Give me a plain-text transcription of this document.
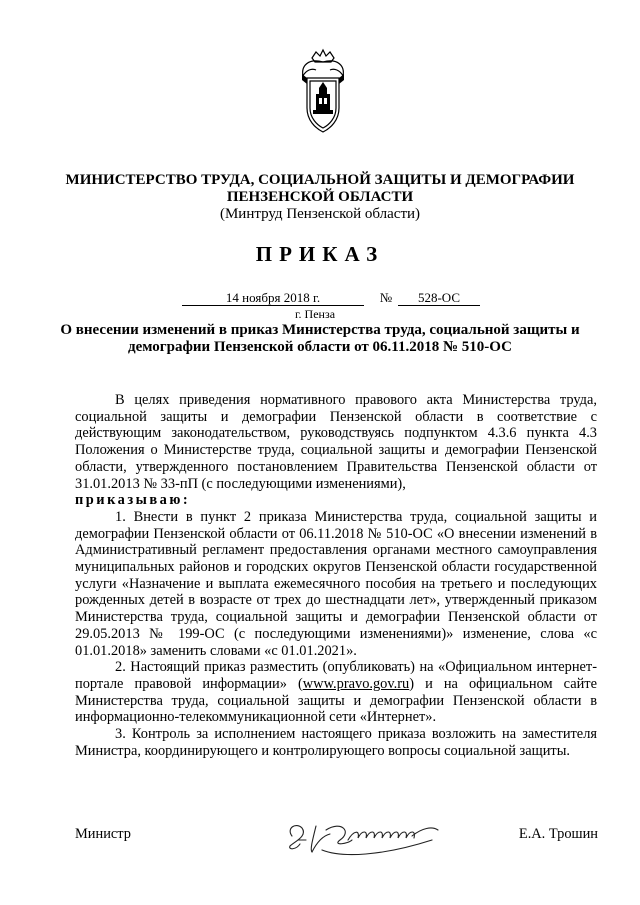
МИНИСТЕРСТВО ТРУДА, СОЦИАЛЬНОЙ ЗАЩИТЫ И ДЕМОГРАФИИ ПЕНЗЕНСКОЙ ОБЛАСТИ
(Минтруд Пензенской области)
ПРИКАЗ
14 ноября 2018 г.	№	528-ОС
г. Пенза
О внесении изменений в приказ Министерства труда, социальной защиты и демографии Пензенской области от 06.11.2018 № 510-ОС

В целях приведения нормативного правового акта Министерства труда, социальной защиты и демографии Пензенской области в соответствие с действующим законодательством, руководствуясь подпунктом 4.3.6 пункта 4.3 Положения о Министерстве труда, социальной защиты и демографии Пензенской области, утвержденного постановлением Правительства Пензенской области от 31.01.2013 № 33-пП (с последующими изменениями),

приказываю:

1. Внести в пункт 2 приказа Министерства труда, социальной защиты и демографии Пензенской области от 06.11.2018 № 510-ОС «О внесении изменений в Административный регламент предоставления органами местного самоуправления муниципальных районов и городских округов Пензенской области государственной услуги «Назначение и выплата ежемесячного пособия на третьего и последующих рожденных детей в возрасте от трех до шестнадцати лет», утвержденный приказом Министерства труда, социальной защиты и демографии Пензенской области от 29.05.2013 № 199-ОС (с последующими изменениями)» изменение, слова «с 01.01.2018» заменить словами «с 01.01.2021».

2. Настоящий приказ разместить (опубликовать) на «Официальном интернет-портале правовой информации» (www.pravo.gov.ru) и на официальном сайте Министерства труда, социальной защиты и демографии Пензенской области в информационно-телекоммуникационной сети «Интернет».

3. Контроль за исполнением настоящего приказа возложить на заместителя Министра, координирующего и контролирующего вопросы социальной защиты.

Министр	Е.А. Трошин
